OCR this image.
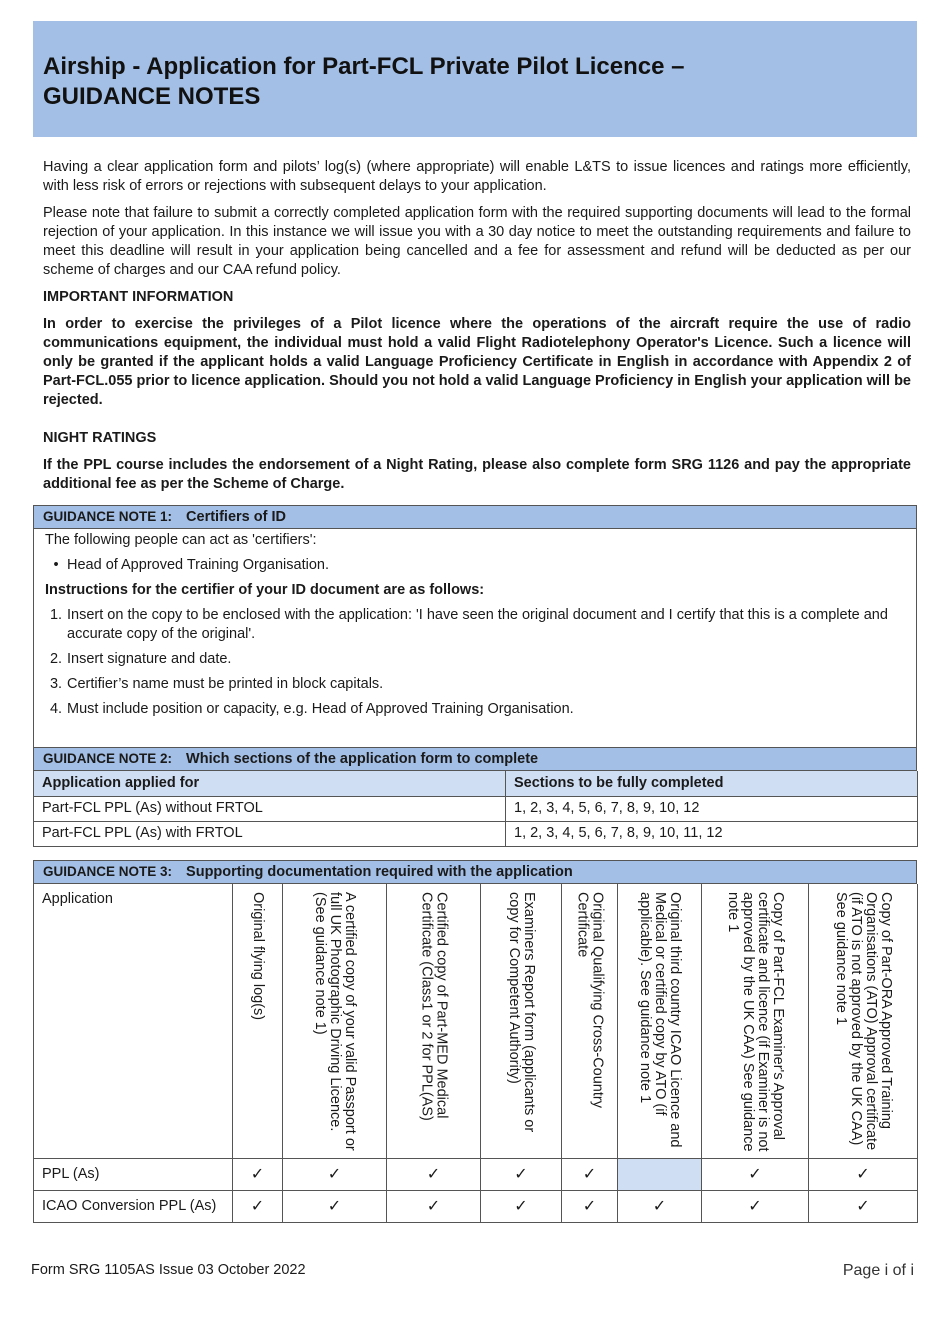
Airship - Application for Part-FCL Private Pilot Licence –
GUIDANCE NOTES

Having a clear application form and pilots’ log(s) (where appropriate) will enable L&TS to issue licences and ratings more efficiently, with less risk of errors or rejections with subsequent delays to your application.

Please note that failure to submit a correctly completed application form with the required supporting documents will lead to the formal rejection of your application. In this instance we will issue you with a 30 day notice to meet the outstanding requirements and failure to meet this deadline will result in your application being cancelled and a fee for assessment and refund will be deducted as per our scheme of charges and our CAA refund policy.

IMPORTANT INFORMATION

In order to exercise the privileges of a Pilot licence where the operations of the aircraft require the use of radio communications equipment, the individual must hold a valid Flight Radiotelephony Operator's Licence. Such a licence will only be granted if the applicant holds a valid Language Proficiency Certificate in English in accordance with Appendix 2 of Part-FCL.055 prior to licence application. Should you not hold a valid Language Proficiency in English your application will be rejected.

NIGHT RATINGS

If the PPL course includes the endorsement of a Night Rating, please also complete form SRG 1126 and pay the appropriate additional fee as per the Scheme of Charge.

GUIDANCE NOTE 1: Certifiers of ID
The following people can act as 'certifiers':
• Head of Approved Training Organisation.
Instructions for the certifier of your ID document are as follows:
1. Insert on the copy to be enclosed with the application: 'I have seen the original document and I certify that this is a complete and accurate copy of the original'.
2. Insert signature and date.
3. Certifier’s name must be printed in block capitals.
4. Must include position or capacity, e.g. Head of Approved Training Organisation.
GUIDANCE NOTE 2: Which sections of the application form to complete
Application applied for	Sections to be fully completed
Part-FCL PPL (As) without FRTOL	1, 2, 3, 4, 5, 6, 7, 8, 9, 10, 12
Part-FCL PPL (As) with FRTOL	1, 2, 3, 4, 5, 6, 7, 8, 9, 10, 11, 12
GUIDANCE NOTE 3: Supporting documentation required with the application
Application	Original flying log(s)	A certified copy of your valid Passport or full UK Photographic Driving Licence. (See guidance note 1)	Certified copy of Part-MED Medical Certificate (Class1 or 2 for PPL(AS)	Examiners Report form (applicants or copy for Competent Authority)	Original Qualifying Cross-Country Certificate	Original third country ICAO Licence and Medical or certified copy by ATO (if applicable). See guidance note 1	Copy of Part-FCL Examiner's Approval certificate and licence (if Examiner is not approved by the UK CAA) See guidance note 1	Copy of Part-ORA Approved Training Organisations (ATO) Approval certificate (if ATO is not approved by the UK CAA) See guidance note 1

PPL (As)	✓	✓	✓	✓	✓		✓	✓
ICAO Conversion PPL (As)	✓	✓	✓	✓	✓	✓	✓	✓
Form SRG 1105AS Issue 03 October 2022	Page i of i
